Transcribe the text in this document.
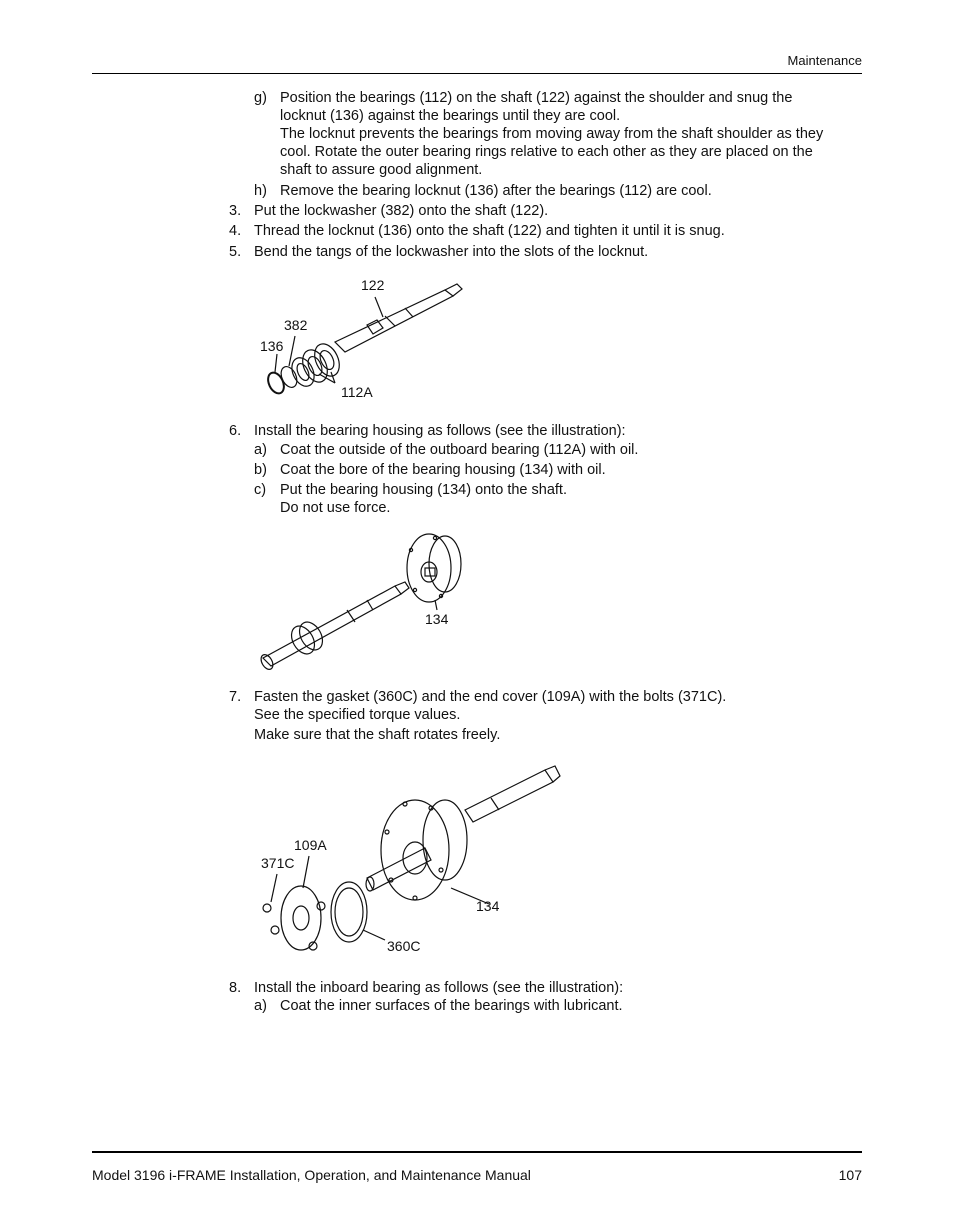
Maintenance
g) Position the bearings (112) on the shaft (122) against the shoulder and snug the
locknut (136) against the bearings until they are cool.
The locknut prevents the bearings from moving away from the shaft shoulder as they
cool. Rotate the outer bearing rings relative to each other as they are placed on the
shaft to assure good alignment.
h) Remove the bearing locknut (136) after the bearings (112) are cool.
3. Put the lockwasher (382) onto the shaft (122).
4. Thread the locknut (136) onto the shaft (122) and tighten it until it is snug.
5. Bend the tangs of the lockwasher into the slots of the locknut.
122
382
136
112A
6. Install the bearing housing as follows (see the illustration):
a) Coat the outside of the outboard bearing (112A) with oil.
b) Coat the bore of the bearing housing (134) with oil.
c) Put the bearing housing (134) onto the shaft.
Do not use force.
134
7. Fasten the gasket (360C) and the end cover (109A) with the bolts (371C).
See the specified torque values.
Make sure that the shaft rotates freely.
109A
371C
134
360C
8. Install the inboard bearing as follows (see the illustration):
a) Coat the inner surfaces of the bearings with lubricant.
Model 3196 i-FRAME Installation, Operation, and Maintenance Manual	107
